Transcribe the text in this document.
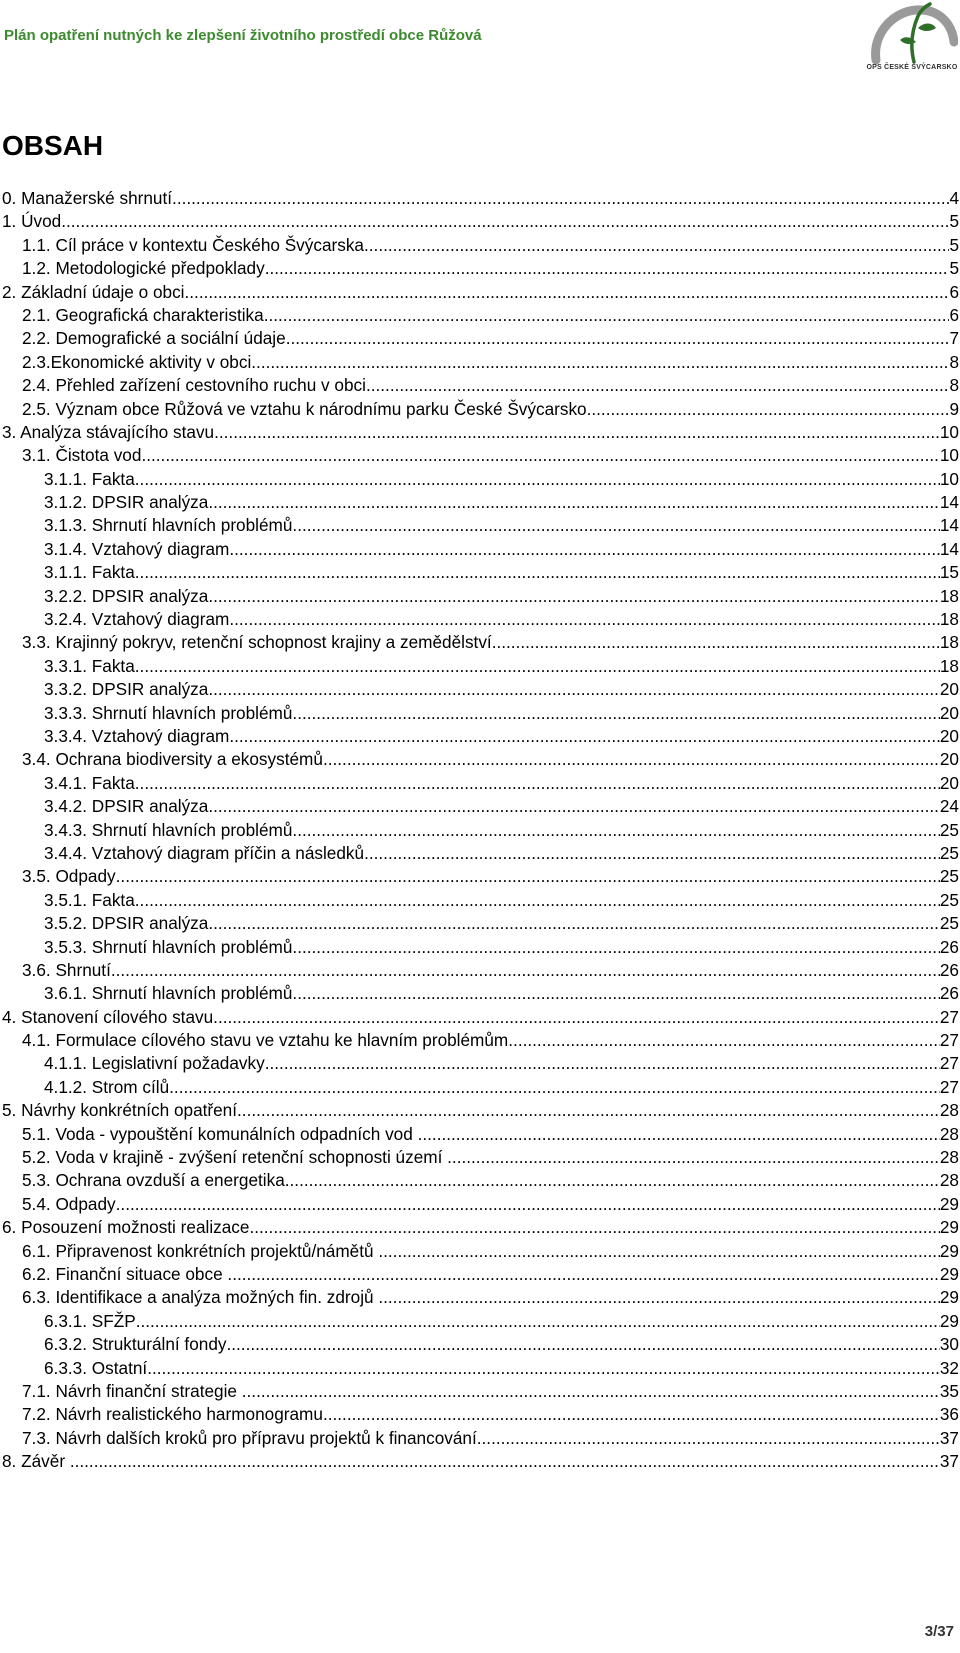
Plán opatření nutných ke zlepšení životního prostředí obce Růžová
OPS ČESKÉ ŠVÝCARSKO
OBSAH
0. Manažerské shrnutí .....	4
1. Úvod .....	5
1.1. Cíl práce v kontextu Českého Švýcarska .....	5
1.2. Metodologické předpoklady .....	5
2. Základní údaje o obci .....	6
2.1. Geografická charakteristika .....	6
2.2. Demografické a sociální údaje .....	7
2.3.Ekonomické aktivity v obci .....	8
2.4. Přehled zařízení cestovního ruchu v obci .....	8
2.5. Význam obce Růžová ve vztahu k národnímu parku České Švýcarsko .....	9
3. Analýza stávajícího stavu .....	10
3.1. Čistota vod .....	10
3.1.1. Fakta .....	10
3.1.2. DPSIR analýza .....	14
3.1.3. Shrnutí hlavních problémů .....	14
3.1.4. Vztahový diagram .....	14
3.1.1. Fakta .....	15
3.2.2. DPSIR analýza .....	18
3.2.4. Vztahový diagram .....	18
3.3. Krajinný pokryv, retenční schopnost krajiny a zemědělství .....	18
3.3.1. Fakta .....	18
3.3.2. DPSIR analýza .....	20
3.3.3. Shrnutí hlavních problémů .....	20
3.3.4. Vztahový diagram .....	20
3.4. Ochrana biodiversity a ekosystémů .....	20
3.4.1. Fakta .....	20
3.4.2. DPSIR analýza .....	24
3.4.3. Shrnutí hlavních problémů .....	25
3.4.4. Vztahový diagram příčin a následků .....	25
3.5. Odpady .....	25
3.5.1. Fakta .....	25
3.5.2. DPSIR analýza .....	25
3.5.3. Shrnutí hlavních problémů .....	26
3.6. Shrnutí .....	26
3.6.1. Shrnutí hlavních problémů .....	26
4. Stanovení cílového stavu .....	27
4.1. Formulace cílového stavu ve vztahu ke hlavním problémům .....	27
4.1.1. Legislativní požadavky .....	27
4.1.2. Strom cílů .....	27
5. Návrhy konkrétních opatření .....	28
5.1. Voda - vypouštění komunálních odpadních vod .....	28
5.2. Voda v krajině - zvýšení retenční schopnosti území .....	28
5.3. Ochrana ovzduší a energetika .....	28
5.4. Odpady .....	29
6. Posouzení možnosti realizace .....	29
6.1. Připravenost konkrétních projektů/námětů .....	29
6.2. Finanční situace obce .....	29
6.3. Identifikace a analýza možných fin. zdrojů .....	29
6.3.1. SFŽP .....	29
6.3.2. Strukturální fondy .....	30
6.3.3. Ostatní .....	32
7.1. Návrh finanční strategie .....	35
7.2. Návrh realistického harmonogramu .....	36
7.3. Návrh dalších kroků pro přípravu projektů k financování .....	37
8. Závěr .....	37
3/37
